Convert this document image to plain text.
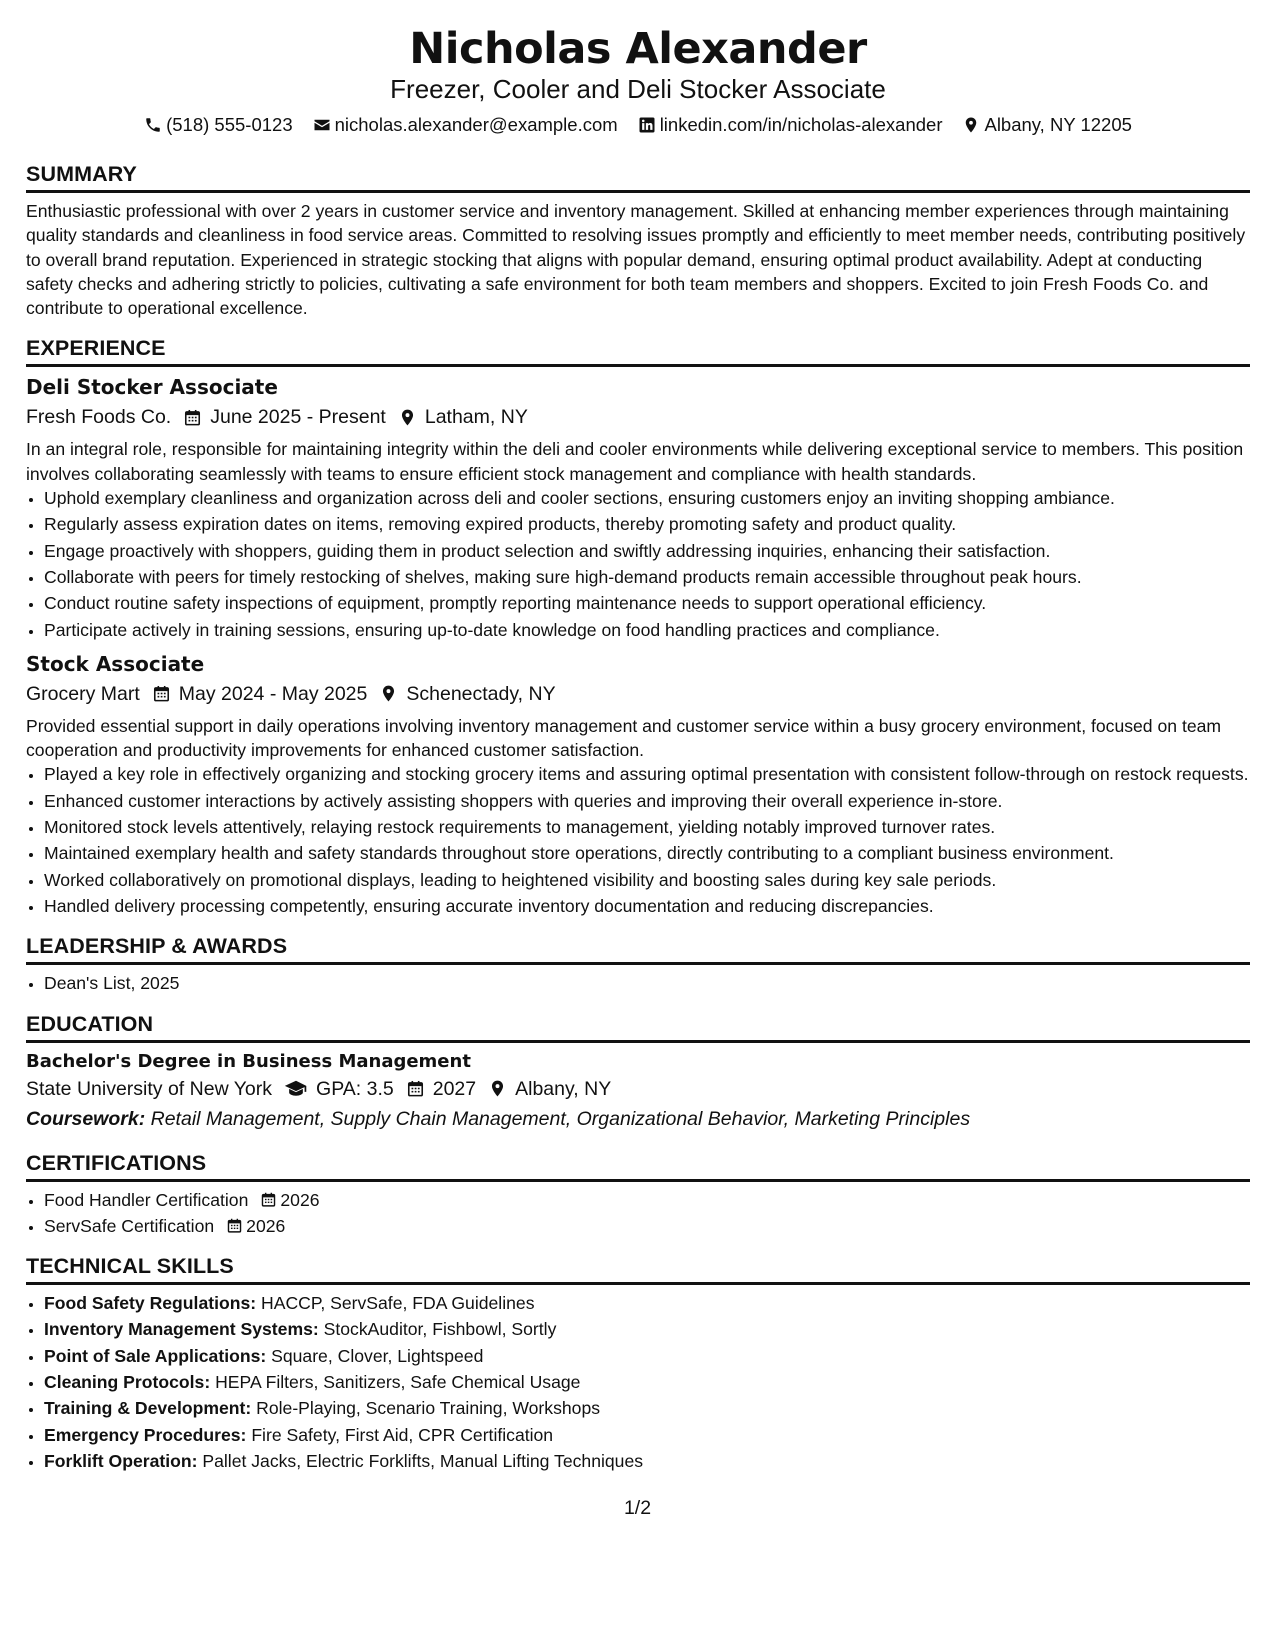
Nicholas Alexander
Freezer, Cooler and Deli Stocker Associate
(518) 555-0123 nicholas.alexander@example.com linkedin.com/in/nicholas-alexander Albany, NY 12205
SUMMARY
Enthusiastic professional with over 2 years in customer service and inventory management. Skilled at enhancing member experiences through maintaining quality standards and cleanliness in food service areas. Committed to resolving issues promptly and efficiently to meet member needs, contributing positively to overall brand reputation. Experienced in strategic stocking that aligns with popular demand, ensuring optimal product availability. Adept at conducting safety checks and adhering strictly to policies, cultivating a safe environment for both team members and shoppers. Excited to join Fresh Foods Co. and contribute to operational excellence.
EXPERIENCE
Deli Stocker Associate
Fresh Foods Co. June 2025 - Present Latham, NY
In an integral role, responsible for maintaining integrity within the deli and cooler environments while delivering exceptional service to members. This position involves collaborating seamlessly with teams to ensure efficient stock management and compliance with health standards.
• Uphold exemplary cleanliness and organization across deli and cooler sections, ensuring customers enjoy an inviting shopping ambiance.
• Regularly assess expiration dates on items, removing expired products, thereby promoting safety and product quality.
• Engage proactively with shoppers, guiding them in product selection and swiftly addressing inquiries, enhancing their satisfaction.
• Collaborate with peers for timely restocking of shelves, making sure high-demand products remain accessible throughout peak hours.
• Conduct routine safety inspections of equipment, promptly reporting maintenance needs to support operational efficiency.
• Participate actively in training sessions, ensuring up-to-date knowledge on food handling practices and compliance.
Stock Associate
Grocery Mart May 2024 - May 2025 Schenectady, NY
Provided essential support in daily operations involving inventory management and customer service within a busy grocery environment, focused on team cooperation and productivity improvements for enhanced customer satisfaction.
• Played a key role in effectively organizing and stocking grocery items and assuring optimal presentation with consistent follow-through on restock requests.
• Enhanced customer interactions by actively assisting shoppers with queries and improving their overall experience in-store.
• Monitored stock levels attentively, relaying restock requirements to management, yielding notably improved turnover rates.
• Maintained exemplary health and safety standards throughout store operations, directly contributing to a compliant business environment.
• Worked collaboratively on promotional displays, leading to heightened visibility and boosting sales during key sale periods.
• Handled delivery processing competently, ensuring accurate inventory documentation and reducing discrepancies.
LEADERSHIP & AWARDS
• Dean's List, 2025
EDUCATION
Bachelor's Degree in Business Management
State University of New York GPA: 3.5 2027 Albany, NY
Coursework: Retail Management, Supply Chain Management, Organizational Behavior, Marketing Principles
CERTIFICATIONS
• Food Handler Certification 2026
• ServSafe Certification 2026
TECHNICAL SKILLS
• Food Safety Regulations: HACCP, ServSafe, FDA Guidelines
• Inventory Management Systems: StockAuditor, Fishbowl, Sortly
• Point of Sale Applications: Square, Clover, Lightspeed
• Cleaning Protocols: HEPA Filters, Sanitizers, Safe Chemical Usage
• Training & Development: Role-Playing, Scenario Training, Workshops
• Emergency Procedures: Fire Safety, First Aid, CPR Certification
• Forklift Operation: Pallet Jacks, Electric Forklifts, Manual Lifting Techniques
1/2
